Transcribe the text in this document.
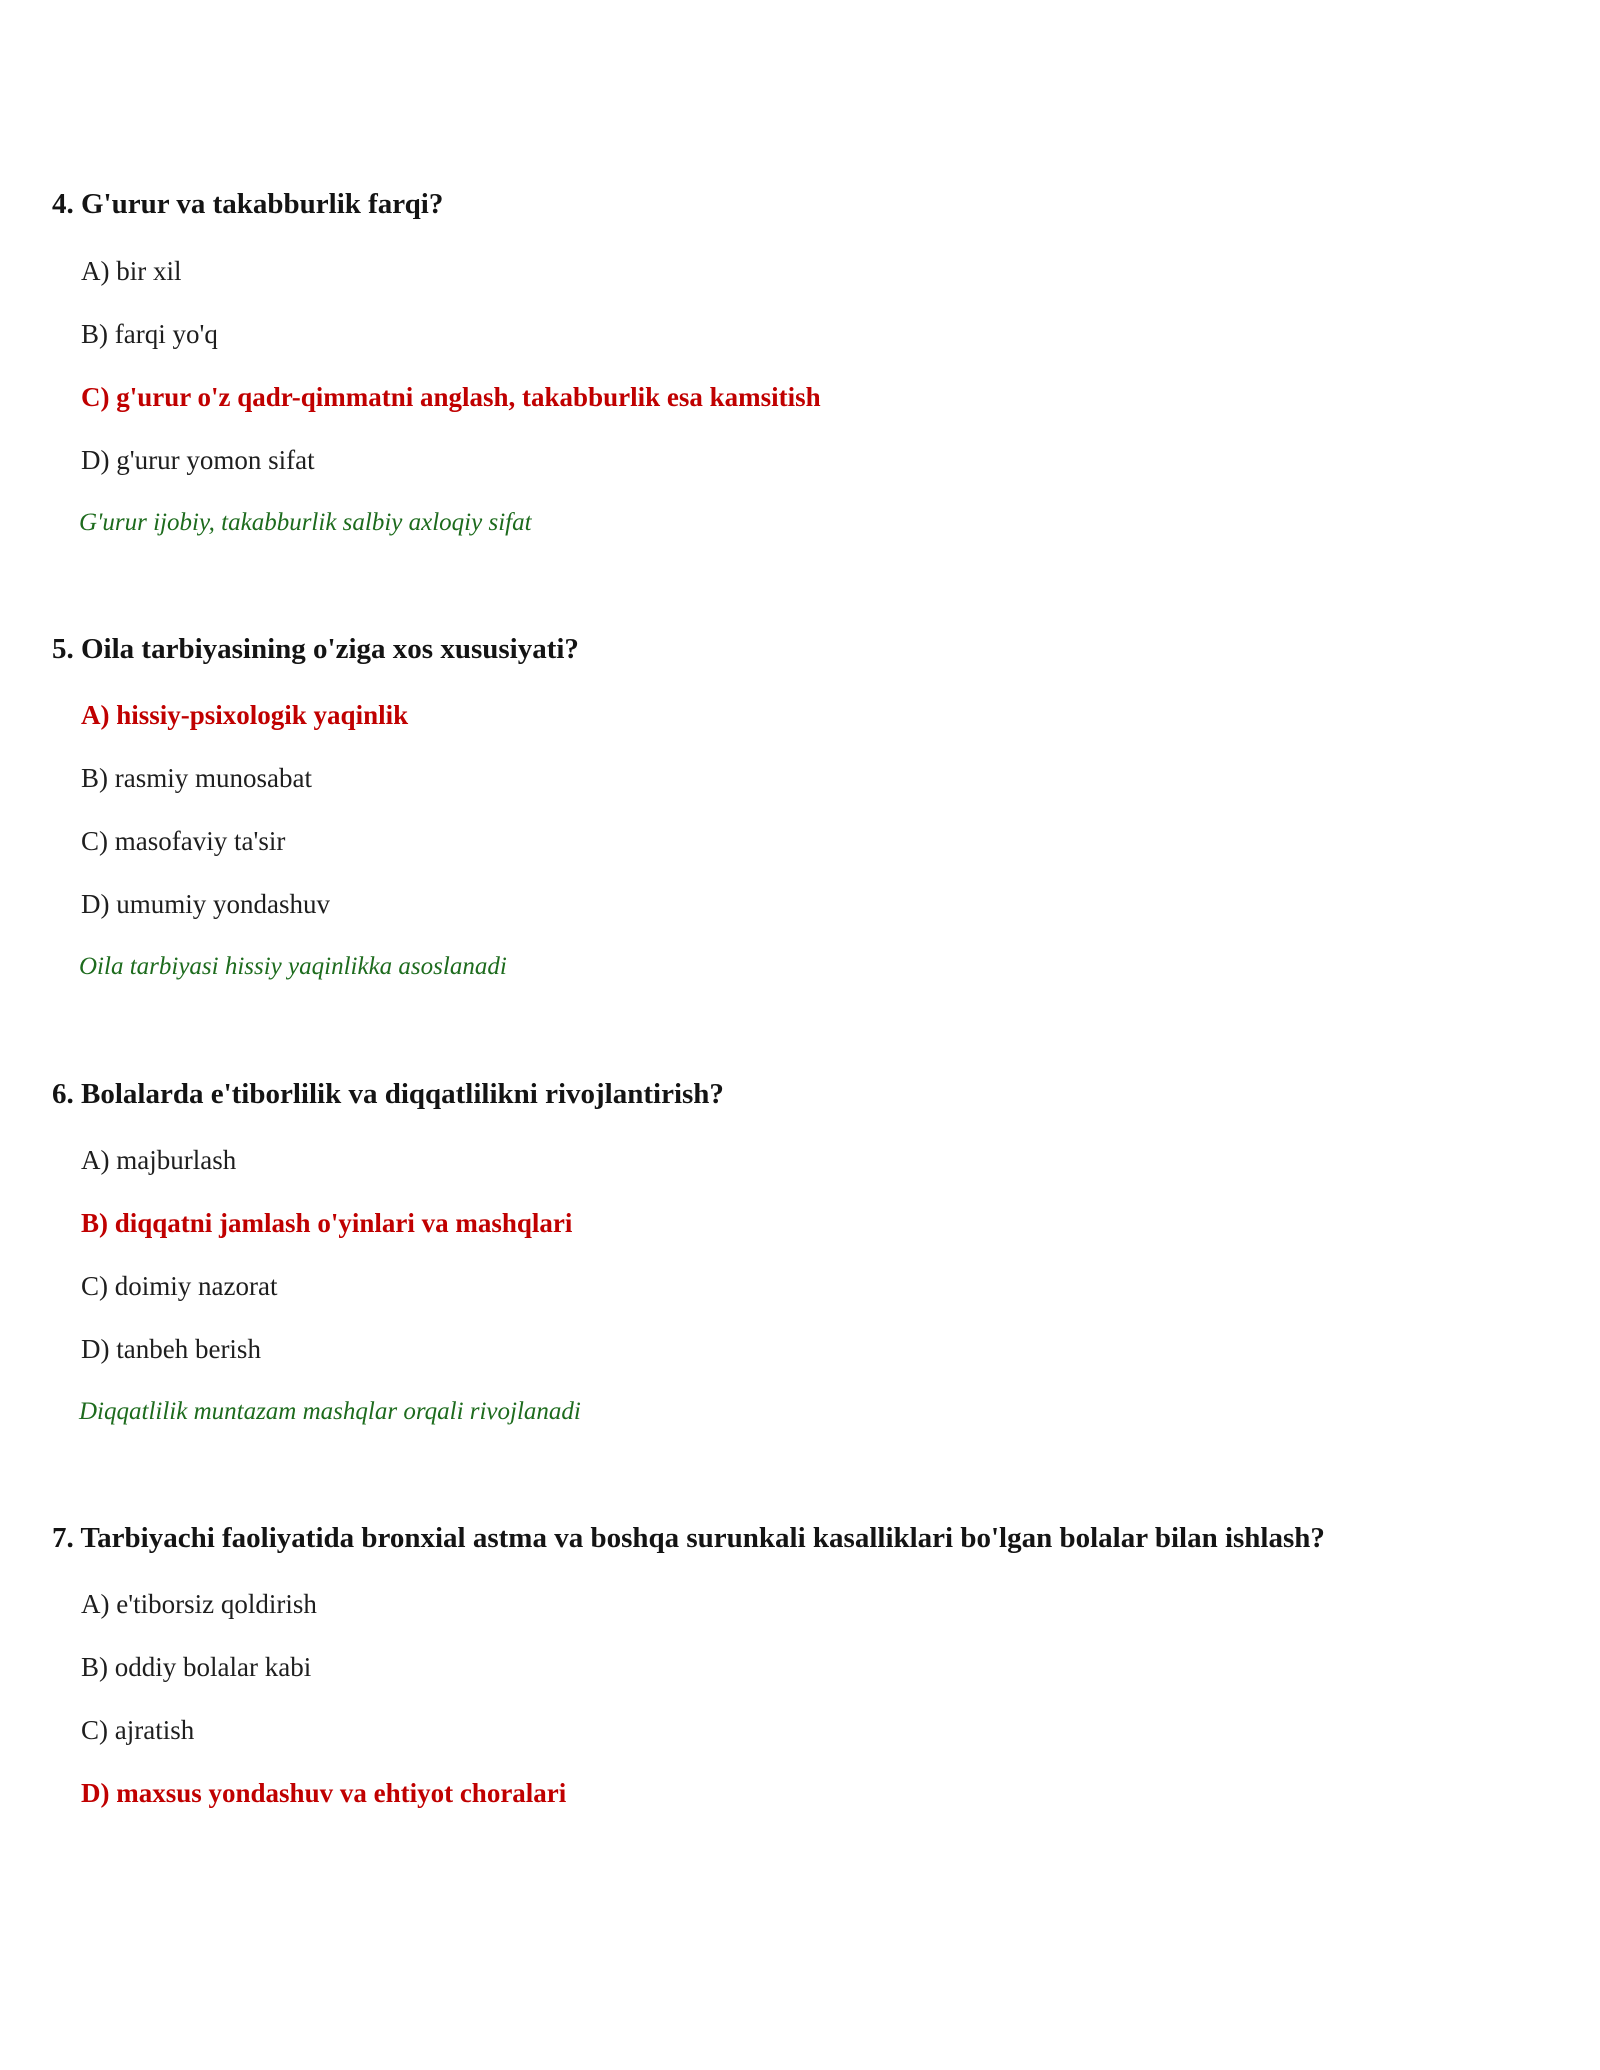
4. G'urur va takabburlik farqi?
A) bir xil
B) farqi yo'q
C) g'urur o'z qadr-qimmatni anglash, takabburlik esa kamsitish
D) g'urur yomon sifat
G'urur ijobiy, takabburlik salbiy axloqiy sifat
5. Oila tarbiyasining o'ziga xos xususiyati?
A) hissiy-psixologik yaqinlik
B) rasmiy munosabat
C) masofaviy ta'sir
D) umumiy yondashuv
Oila tarbiyasi hissiy yaqinlikka asoslanadi
6. Bolalarda e'tiborlilik va diqqatlilikni rivojlantirish?
A) majburlash
B) diqqatni jamlash o'yinlari va mashqlari
C) doimiy nazorat
D) tanbeh berish
Diqqatlilik muntazam mashqlar orqali rivojlanadi
7. Tarbiyachi faoliyatida bronxial astma va boshqa surunkali kasalliklari bo'lgan bolalar bilan ishlash?
A) e'tiborsiz qoldirish
B) oddiy bolalar kabi
C) ajratish
D) maxsus yondashuv va ehtiyot choralari
